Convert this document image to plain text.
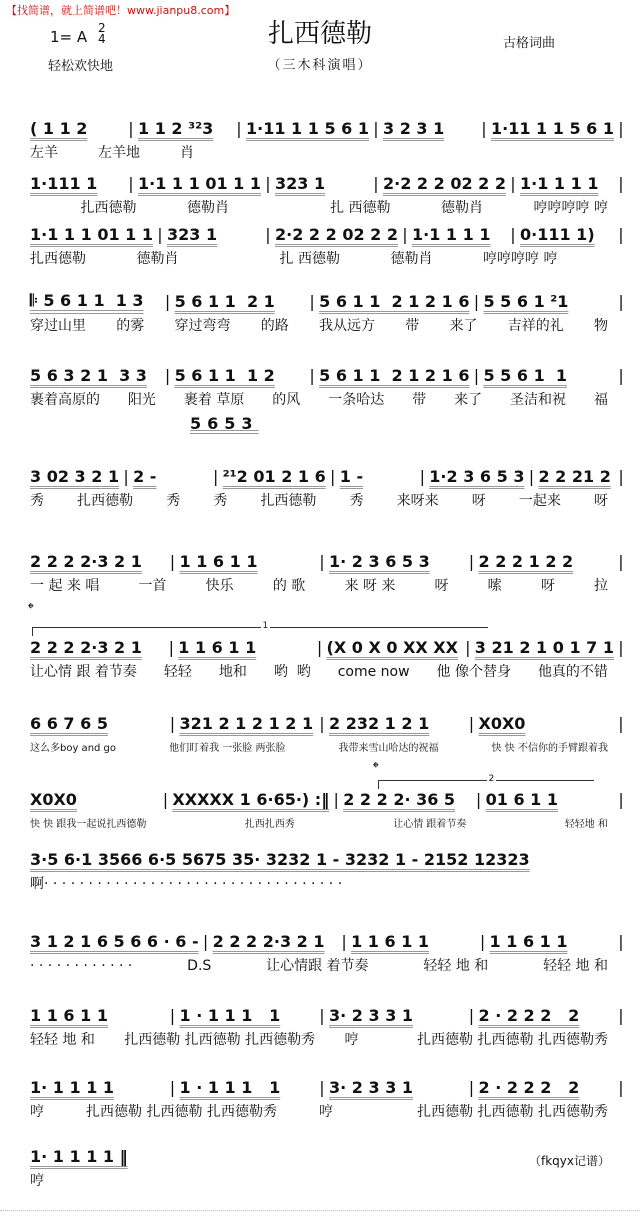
【找简谱，就上简谱吧！www.jianpu8.com】
1= A 2
4
轻松欢快地
扎西德勒
（三木科演唱）
古格词曲
( 1 1 2	| 1 1 2 ³²3	| 1·11 1 1 5 6 1 | 3 2 3 1	| 1·11 1 1 5 6 1 |
左羊	左羊地	肖
1·111 1	| 1·1 1 1 01 1 1 | 323 1	| 2·2 2 2 02 2 2 | 1·1 1 1 1	|
扎西德勒	德勒肖	扎 西德勒	德勒肖	哼哼哼哼 哼
1·1 1 1 01 1 1 | 323 1	| 2·2 2 2 02 2 2 | 1·1 1 1 1	| 0·111 1)	|
扎西德勒	德勒肖	扎 西德勒	德勒肖	哼哼哼哼 哼
𝄆 5 6 1 1  1 3	| 5 6 1 1  2 1	| 5 6 1 1  2 1 2 1 6 | 5 5 6 1 ²1	|
穿过山里 的雾 穿过弯弯 的路 我从远方 带 来了 吉祥的礼 物
5 6 3 2 1  3 3	| 5 6 1 1  1 2	| 5 6 1 1  2 1 2 1 6 | 5 5 6 1  1	|
裹着高原的 阳光 裹着 草原 的风 一条哈达 带 来了 圣洁和祝 福
3 02 3 2 1 | 2 -	| ²¹2 01 2 1 6 | 1 -	| 1·2 3 6 5 3 | 2 2 21 2 |
秀 扎西德勒 秀 秀 扎西德勒 秀 来呀来 呀 一起来 呀
2 2 2 2·3 2 1	| 1 1 6 1 1	| 1· 2 3 6 5 3	| 2 2 2 1 2 2	|
一 起 来 唱	一首	快乐	的 歌	来 呀 来	呀	嗦	呀	拉
2 2 2 2·3 2 1	| 1 1 6 1 1	| (X 0 X 0 XX XX | 3 21 2 1 0 1 7 1 |
让心情 跟 着节奏 轻轻 地和 哟  哟 come now 他 像个替身 他真的不错
6 6 7 6 5	| 321 2 1 2 1 2 1 | 2 232 1 2 1	| X0X0	|
这么多boy and go	他们盯着我 一张脸 两张脸	我带来雪山哈达的祝福	快 快 不信你的手臂跟着我
X0X0	| XXXXX 1 6·65·) :‖ | 2 2 2 2· 36 5	| 01 6 1 1	|
快 快 跟我一起说扎西德勒	扎西扎西秀	让心情 跟着节奏	轻轻地 和
3·5 6·1 3566 6·5 5675 35· 3232 1 - 3232 1 - 2152 12323
啊· · · · · · · · · · · · · · · · · · · · · · · · · · · · · · · · · ·
3 1 2 1 6 5 6 6 · 6 - | 2 2 2 2·3 2 1	| 1 1 6 1 1	| 1 1 6 1 1	|
· · · · · · · · · · · ·	D.S	让心情跟 着节奏	轻轻 地 和	轻轻 地 和
1 1 6 1 1	| 1 · 1 1 1   1	| 3· 2 3 3 1	| 2 · 2 2 2   2	|
轻轻 地 和 扎西德勒 扎西德勒 扎西德勒秀 哼	扎西德勒 扎西德勒 扎西德勒秀
1· 1 1 1 1	| 1 · 1 1 1   1	| 3· 2 3 3 1	| 2 · 2 2 2   2	|
哼	扎西德勒 扎西德勒 扎西德勒秀	哼	扎西德勒 扎西德勒 扎西德勒秀
1· 1 1 1 1 ‖
哼
5653
𝄌
1
𝄌
2
（fkqyx记谱）
